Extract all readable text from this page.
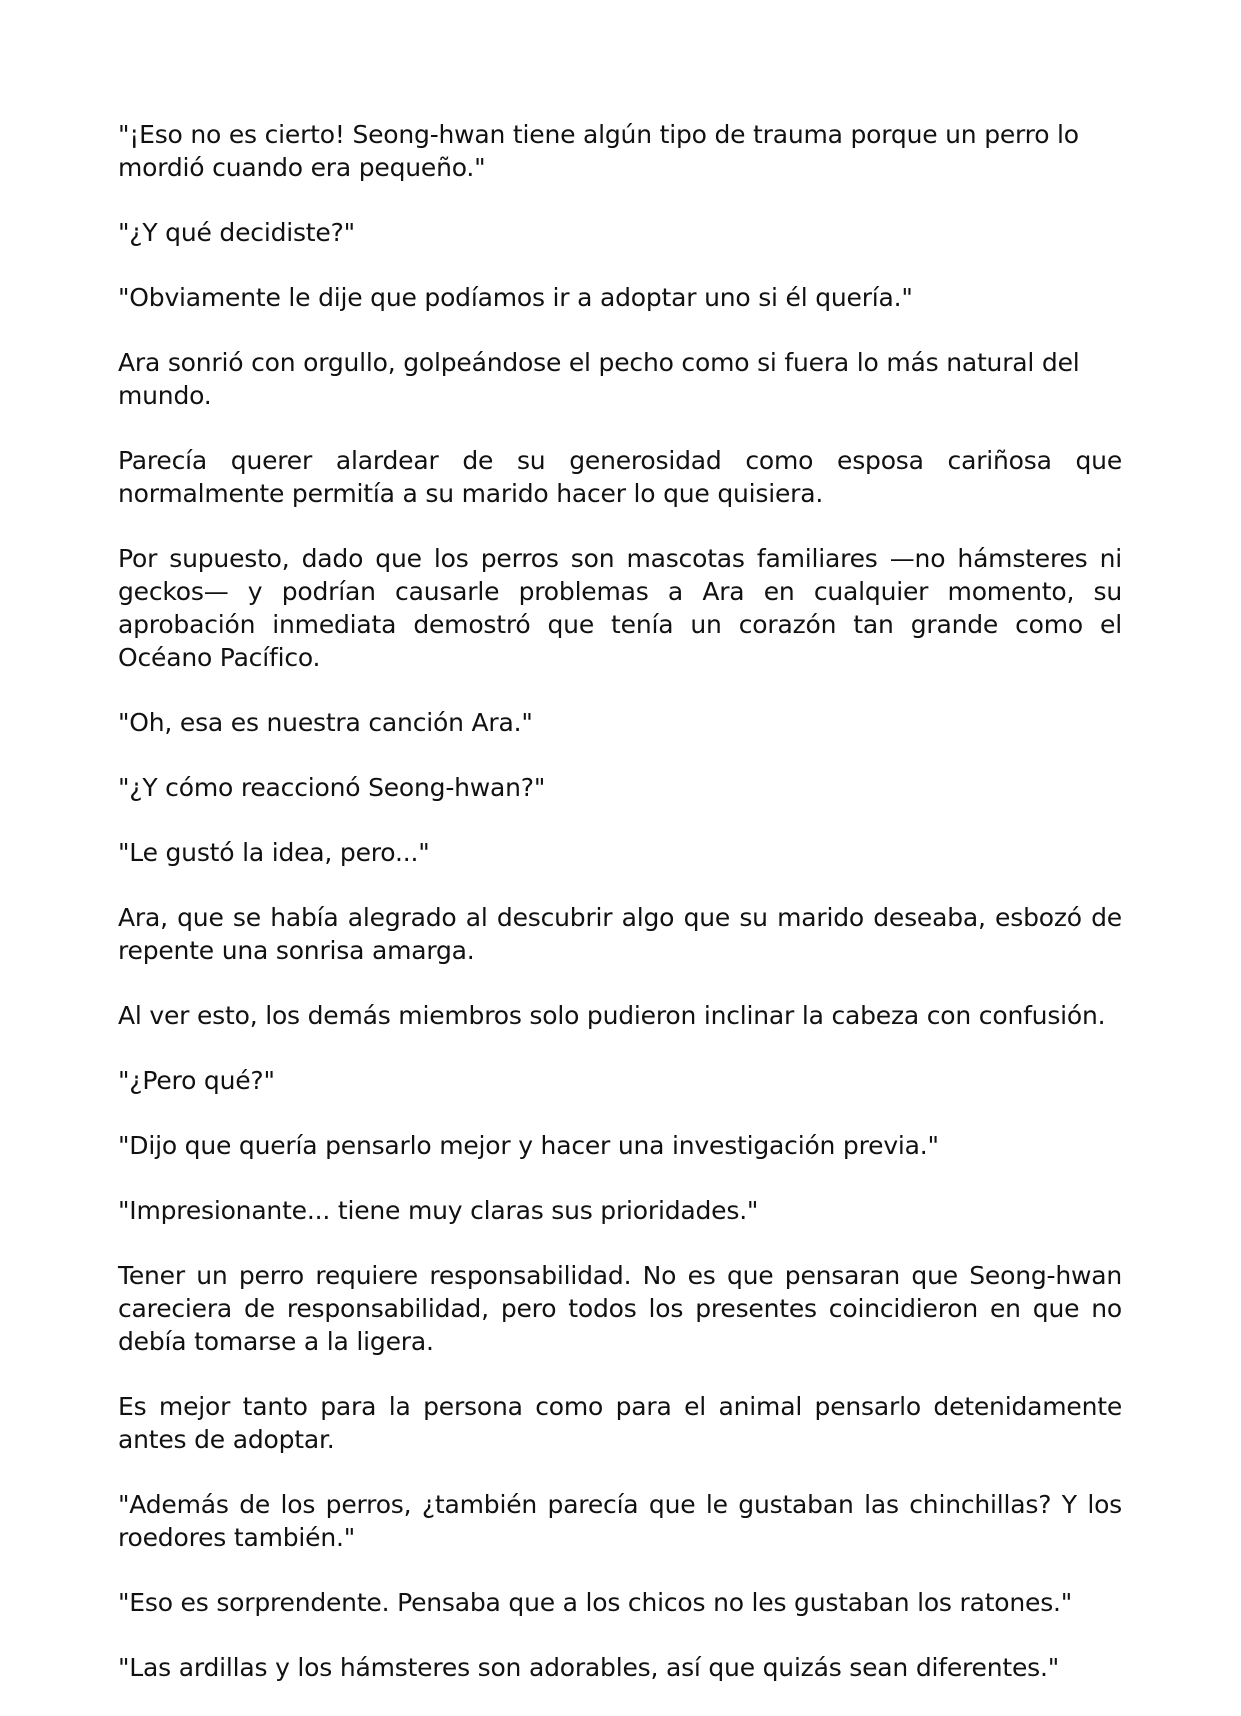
"¡Eso no es cierto! Seong-hwan tiene algún tipo de trauma porque un perro lo mordió cuando era pequeño."

"¿Y qué decidiste?"

"Obviamente le dije que podíamos ir a adoptar uno si él quería."

Ara sonrió con orgullo, golpeándose el pecho como si fuera lo más natural del mundo.

Parecía querer alardear de su generosidad como esposa cariñosa que normalmente permitía a su marido hacer lo que quisiera.

Por supuesto, dado que los perros son mascotas familiares —no hámsteres ni geckos— y podrían causarle problemas a Ara en cualquier momento, su aprobación inmediata demostró que tenía un corazón tan grande como el Océano Pacífico.

"Oh, esa es nuestra canción Ara."

"¿Y cómo reaccionó Seong-hwan?"

"Le gustó la idea, pero..."

Ara, que se había alegrado al descubrir algo que su marido deseaba, esbozó de repente una sonrisa amarga.

Al ver esto, los demás miembros solo pudieron inclinar la cabeza con confusión.

"¿Pero qué?"

"Dijo que quería pensarlo mejor y hacer una investigación previa."

"Impresionante... tiene muy claras sus prioridades."

Tener un perro requiere responsabilidad. No es que pensaran que Seong-hwan careciera de responsabilidad, pero todos los presentes coincidieron en que no debía tomarse a la ligera.

Es mejor tanto para la persona como para el animal pensarlo detenidamente antes de adoptar.

"Además de los perros, ¿también parecía que le gustaban las chinchillas? Y los roedores también."

"Eso es sorprendente. Pensaba que a los chicos no les gustaban los ratones."

"Las ardillas y los hámsteres son adorables, así que quizás sean diferentes."
